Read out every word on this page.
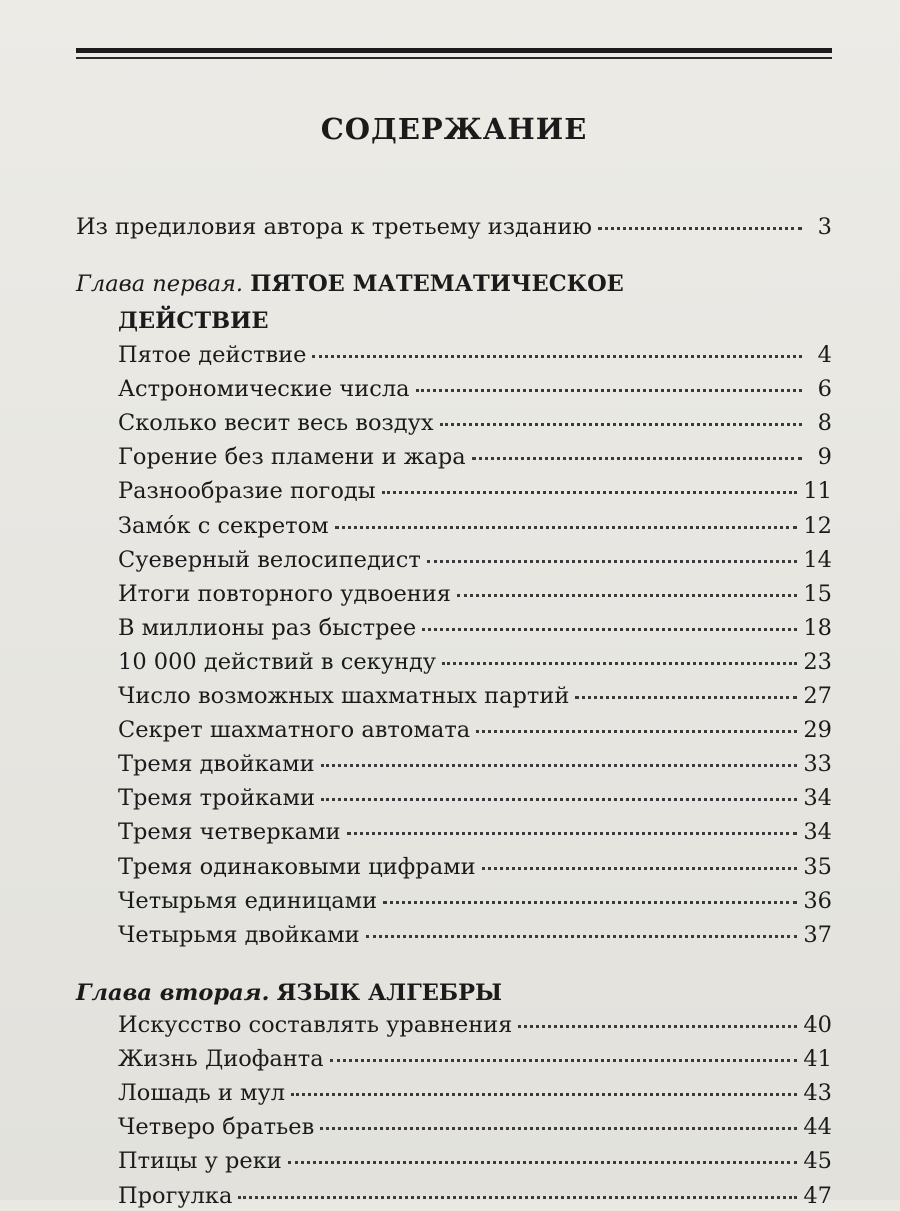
СОДЕРЖАНИЕ
Из предиловия автора к третьему изданию	3
Глава первая. ПЯТОЕ МАТЕМАТИЧЕСКОЕ
ДЕЙСТВИЕ
Пятое действие	4
Астрономические числа	6
Сколько весит весь воздух	8
Горение без пламени и жара	9
Разнообразие погоды	11
Замóк с секретом	12
Суеверный велосипедист	14
Итоги повторного удвоения	15
В миллионы раз быстрее	18
10 000 действий в секунду	23
Число возможных шахматных партий	27
Секрет шахматного автомата	29
Тремя двойками	33
Тремя тройками	34
Тремя четверками	34
Тремя одинаковыми цифрами	35
Четырьмя единицами	36
Четырьмя двойками	37
Глава вторая. ЯЗЫК АЛГЕБРЫ
Искусство составлять уравнения	40
Жизнь Диофанта	41
Лошадь и мул	43
Четверо братьев	44
Птицы у реки	45
Прогулка	47
